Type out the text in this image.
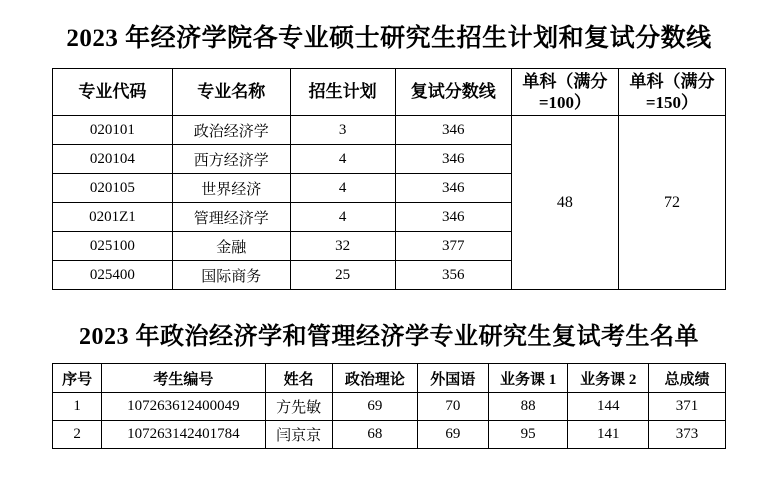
2023 年经济学院各专业硕士研究生招生计划和复试分数线
专业代码	专业名称	招生计划	复试分数线	单科（满分
=100）	单科（满分
=150）
020101	政治经济学	3	346	48	72
020104	西方经济学	4	346		
020105	世界经济	4	346		
0201Z1	管理经济学	4	346		
025100	金融	32	377		
025400	国际商务	25	356		
2023 年政治经济学和管理经济学专业研究生复试考生名单
序号	考生编号	姓名	政治理论	外国语	业务课 1	业务课 2	总成绩
1	107263612400049	方先敏	69	70	88	144	371
2	107263142401784	闫京京	68	69	95	141	373
